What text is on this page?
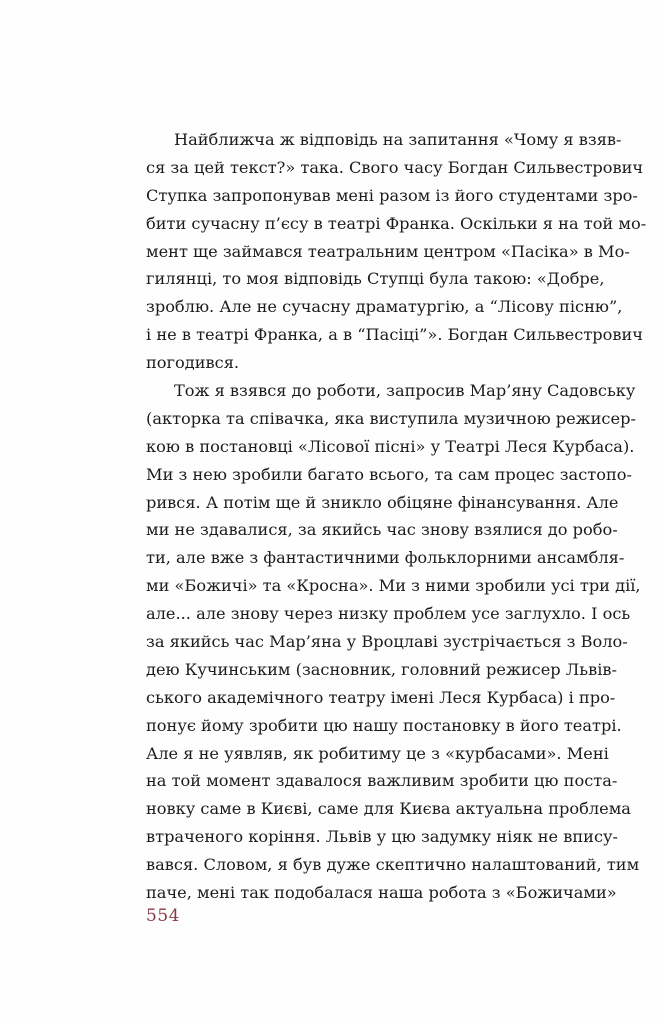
Найближча ж відповідь на запитання «Чому я взяв-
ся за цей текст?» така. Свого часу Богдан Сильвестрович
Ступка запропонував мені разом із його студентами зро-
бити сучасну п’єсу в театрі Франка. Оскільки я на той мо-
мент ще займався театральним центром «Пасіка» в Мо-
гилянці, то моя відповідь Ступці була такою: «Добре,
зроблю. Але не сучасну драматургію, а “Лісову пісню”,
і не в театрі Франка, а в “Пасіці”». Богдан Сильвестрович
погодився.
Тож я взявся до роботи, запросив Мар’яну Садовську
(акторка та співачка, яка виступила музичною режисер-
кою в постановці «Лісової пісні» у Театрі Леся Курбаса).
Ми з нею зробили багато всього, та сам процес застопо-
рився. А потім ще й зникло обіцяне фінансування. Але
ми не здавалися, за якийсь час знову взялися до робо-
ти, але вже з фантастичними фольклорними ансамбля-
ми «Божичі» та «Кросна». Ми з ними зробили усі три дії,
але... але знову через низку проблем усе заглухло. І ось
за якийсь час Мар’яна у Вроцлаві зустрічається з Воло-
дею Кучинським (засновник, головний режисер Львів-
ського академічного театру імені Леся Курбаса) і про-
понує йому зробити цю нашу постановку в його театрі.
Але я не уявляв, як робитиму це з «курбасами». Мені
на той момент здавалося важливим зробити цю поста-
новку саме в Києві, саме для Києва актуальна проблема
втраченого коріння. Львів у цю задумку ніяк не впису-
вався. Словом, я був дуже скептично налаштований, тим
паче, мені так подобалася наша робота з «Божичами»
554
